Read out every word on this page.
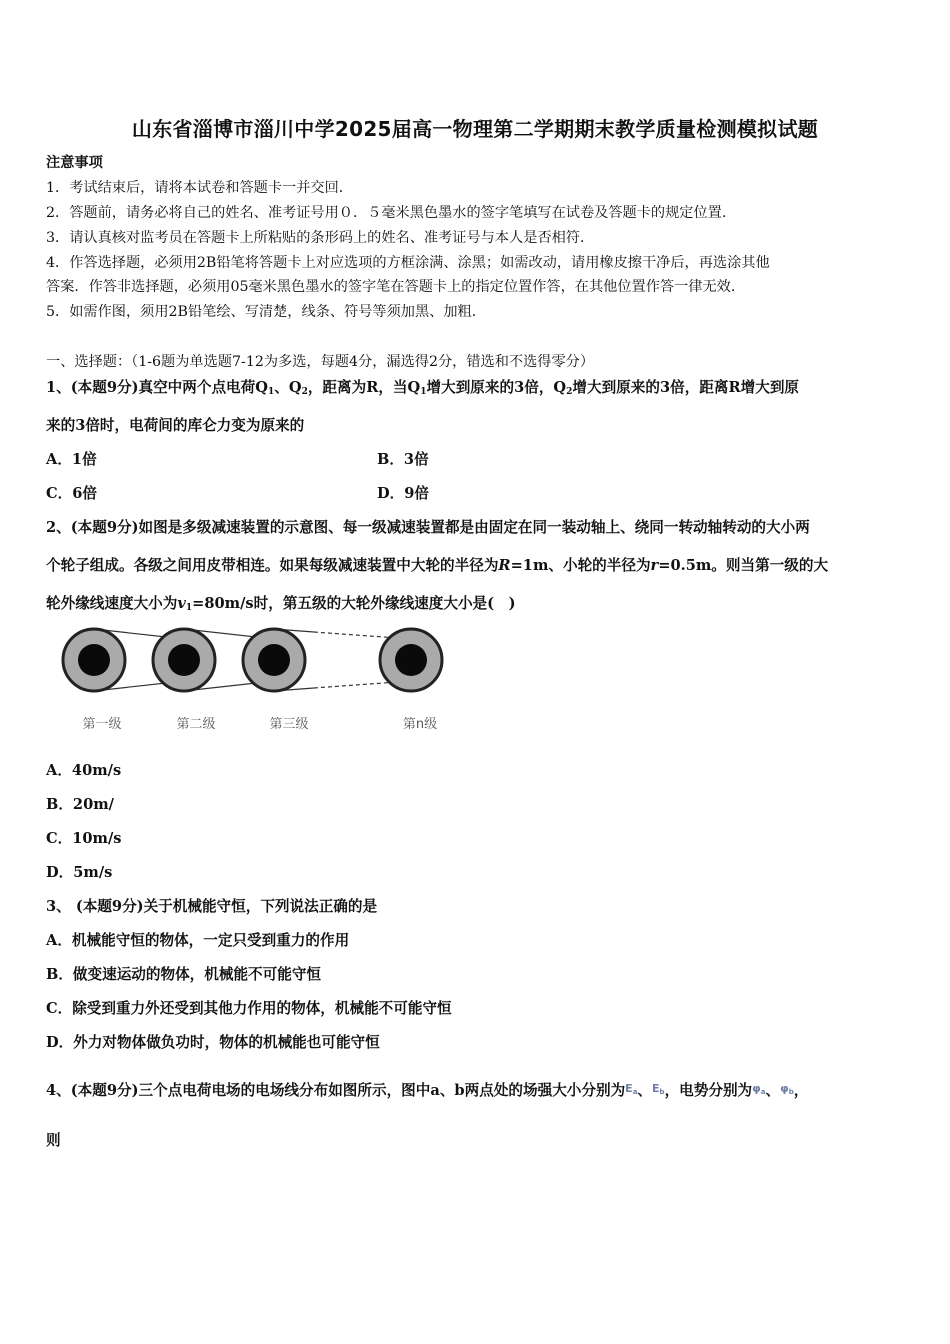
山东省淄博市淄川中学2025届高一物理第二学期期末教学质量检测模拟试题
注意事项
1．考试结束后，请将本试卷和答题卡一并交回．
2．答题前，请务必将自己的姓名、准考证号用０．５毫米黑色墨水的签字笔填写在试卷及答题卡的规定位置．
3．请认真核对监考员在答题卡上所粘贴的条形码上的姓名、准考证号与本人是否相符．
4．作答选择题，必须用2B铅笔将答题卡上对应选项的方框涂满、涂黑；如需改动，请用橡皮擦干净后，再选涂其他
答案．作答非选择题，必须用05毫米黑色墨水的签字笔在答题卡上的指定位置作答，在其他位置作答一律无效．
5．如需作图，须用2B铅笔绘、写清楚，线条、符号等须加黑、加粗．
一、选择题：（1-6题为单选题7-12为多选，每题4分，漏选得2分，错选和不选得零分）
1、(本题9分)真空中两个点电荷$Q_1$、$Q_2$，距离为R，当$Q_1$增大到原来的3倍，$Q_2$增大到原来的3倍，距离R增大到原
来的3倍时，电荷间的库仑力变为原来的
A．1倍	B．3倍
C．6倍	D．9倍
2、(本题9分)如图是多级减速装置的示意图、每一级减速装置都是由固定在同一装动轴上、绕同一转动轴转动的大小两
个轮子组成。各级之间用皮带相连。如果每级减速装置中大轮的半径为R=1m、小轮的半径为r=0.5m。则当第一级的大
轮外缘线速度大小为$v_1=80m/s$时，第五级的大轮外缘线速度大小是(　)
第一级	第二级	第三级	第n级
A．40m/s
B．20m/
C．10m/s
D．5m/s
3、 (本题9分)关于机械能守恒，下列说法正确的是
A．机械能守恒的物体，一定只受到重力的作用
B．做变速运动的物体，机械能不可能守恒
C．除受到重力外还受到其他力作用的物体，机械能不可能守恒
D．外力对物体做负功时，物体的机械能也可能守恒
4、(本题9分)三个点电荷电场的电场线分布如图所示，图中a、b两点处的场强大小分别为Ea、Eb，电势分别为φa、φb，
则
